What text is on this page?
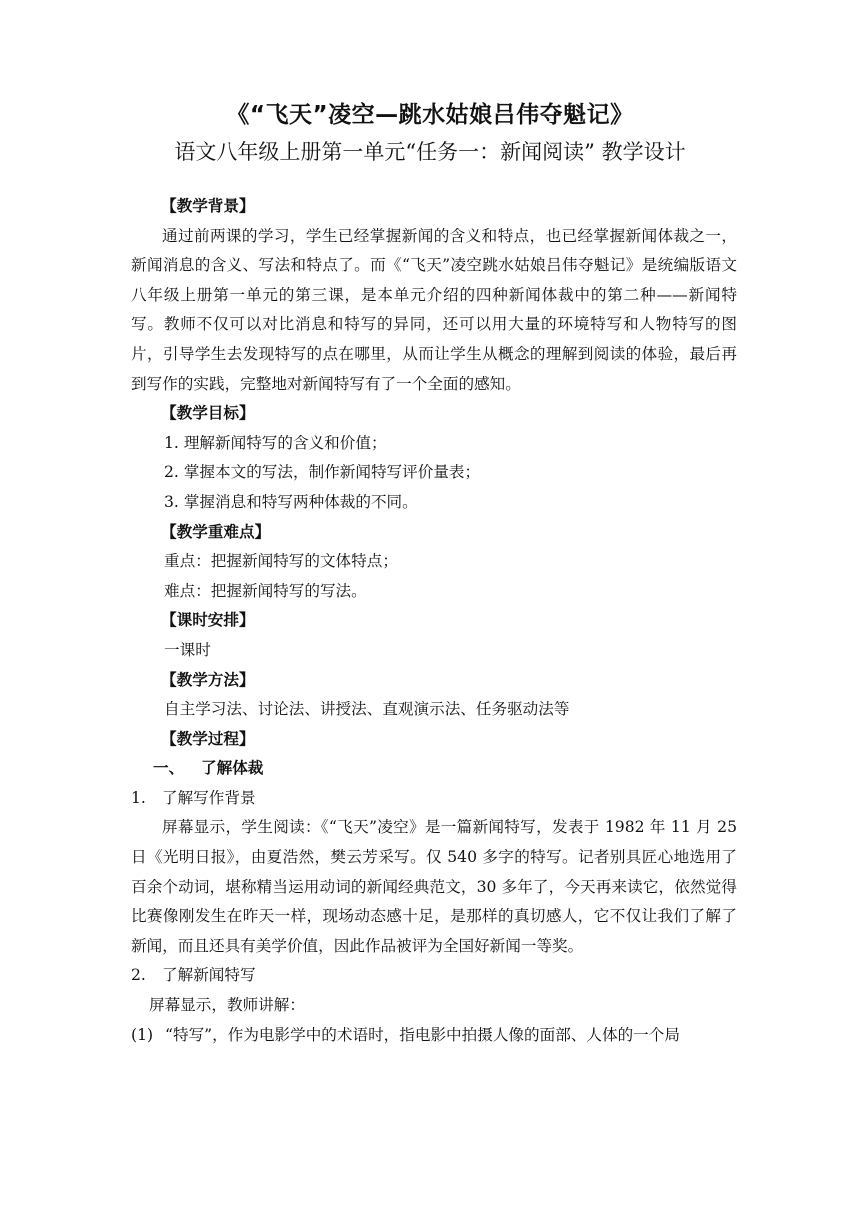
《“飞天”凌空—跳水姑娘吕伟夺魁记》
语文八年级上册第一单元“任务一：新闻阅读” 教学设计

【教学背景】

通过前两课的学习，学生已经掌握新闻的含义和特点，也已经掌握新闻体裁之一，新闻消息的含义、写法和特点了。而《“飞天”凌空跳水姑娘吕伟夺魁记》是统编版语文八年级上册第一单元的第三课，是本单元介绍的四种新闻体裁中的第二种——新闻特写。教师不仅可以对比消息和特写的异同，还可以用大量的环境特写和人物特写的图片，引导学生去发现特写的点在哪里，从而让学生从概念的理解到阅读的体验，最后再到写作的实践，完整地对新闻特写有了一个全面的感知。

【教学目标】

1. 理解新闻特写的含义和价值；

2. 掌握本文的写法，制作新闻特写评价量表；

3. 掌握消息和特写两种体裁的不同。

【教学重难点】

重点：把握新闻特写的文体特点；

难点：把握新闻特写的写法。

【课时安排】

一课时

【教学方法】

自主学习法、讨论法、讲授法、直观演示法、任务驱动法等

【教学过程】

一、 了解体裁

1. 了解写作背景

屏幕显示，学生阅读：《“飞天”凌空》是一篇新闻特写，发表于 1982 年 11 月 25 日《光明日报》，由夏浩然，樊云芳采写。仅 540 多字的特写。记者别具匠心地选用了百余个动词，堪称精当运用动词的新闻经典范文，30 多年了，今天再来读它，依然觉得比赛像刚发生在昨天一样，现场动态感十足，是那样的真切感人，它不仅让我们了解了新闻，而且还具有美学价值，因此作品被评为全国好新闻一等奖。

2. 了解新闻特写

屏幕显示，教师讲解：

(1) “特写”，作为电影学中的术语时，指电影中拍摄人像的面部、人体的一个局
